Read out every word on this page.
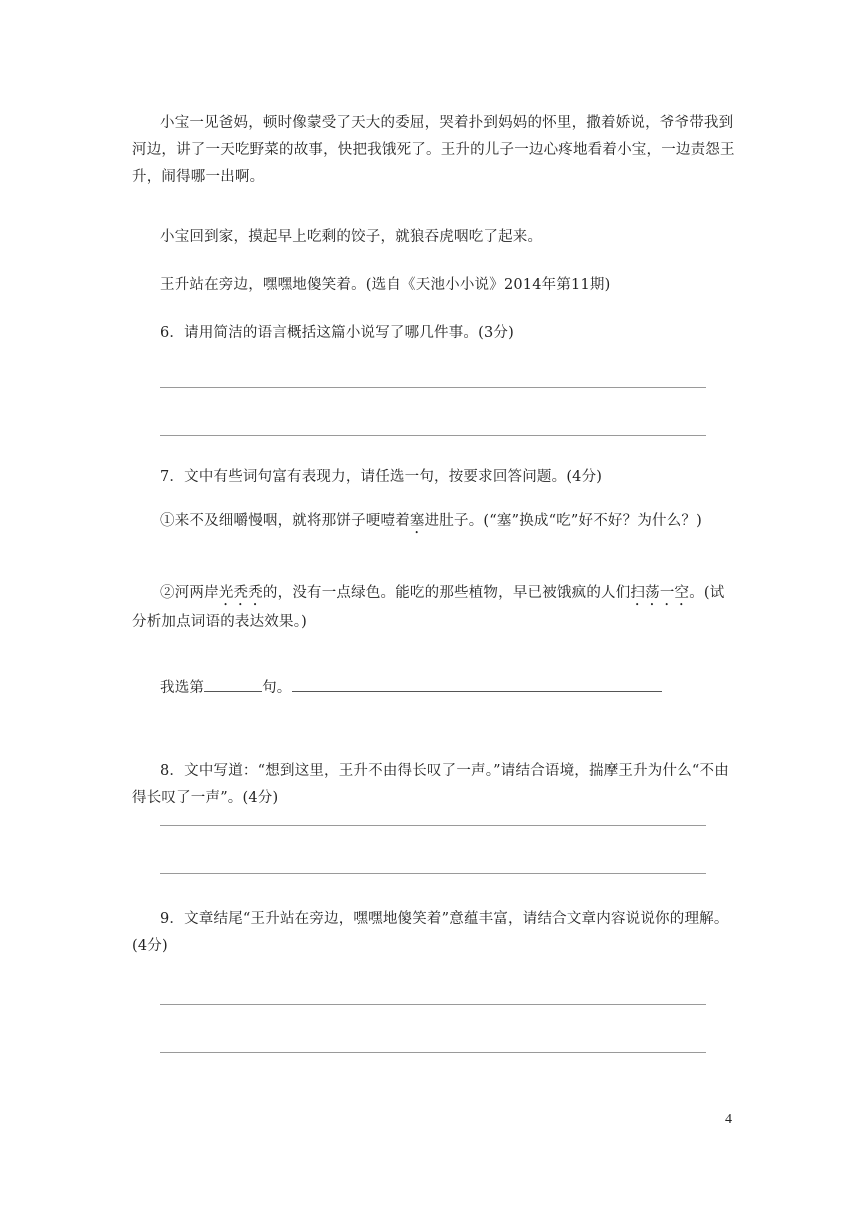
小宝一见爸妈，顿时像蒙受了天大的委屈，哭着扑到妈妈的怀里，撒着娇说，爷爷带我到河边，讲了一天吃野菜的故事，快把我饿死了。王升的儿子一边心疼地看着小宝，一边责怨王升，闹得哪一出啊。

小宝回到家，摸起早上吃剩的饺子，就狼吞虎咽吃了起来。

王升站在旁边，嘿嘿地傻笑着。(选自《天池小小说》2014年第11期)

6．请用简洁的语言概括这篇小说写了哪几件事。(3分)

7．文中有些词句富有表现力，请任选一句，按要求回答问题。(4分)

①来不及细嚼慢咽，就将那饼子哽噎着塞进肚子。(“塞”换成“吃”好不好？为什么？)

②河两岸光秃秃的，没有一点绿色。能吃的那些植物，早已被饿疯的人们扫荡一空。(试分析加点词语的表达效果。)

我选第	句。

8．文中写道：“想到这里，王升不由得长叹了一声。”请结合语境，揣摩王升为什么“不由得长叹了一声”。(4分)

9．文章结尾“王升站在旁边，嘿嘿地傻笑着”意蕴丰富，请结合文章内容说说你的理解。(4分)

4
